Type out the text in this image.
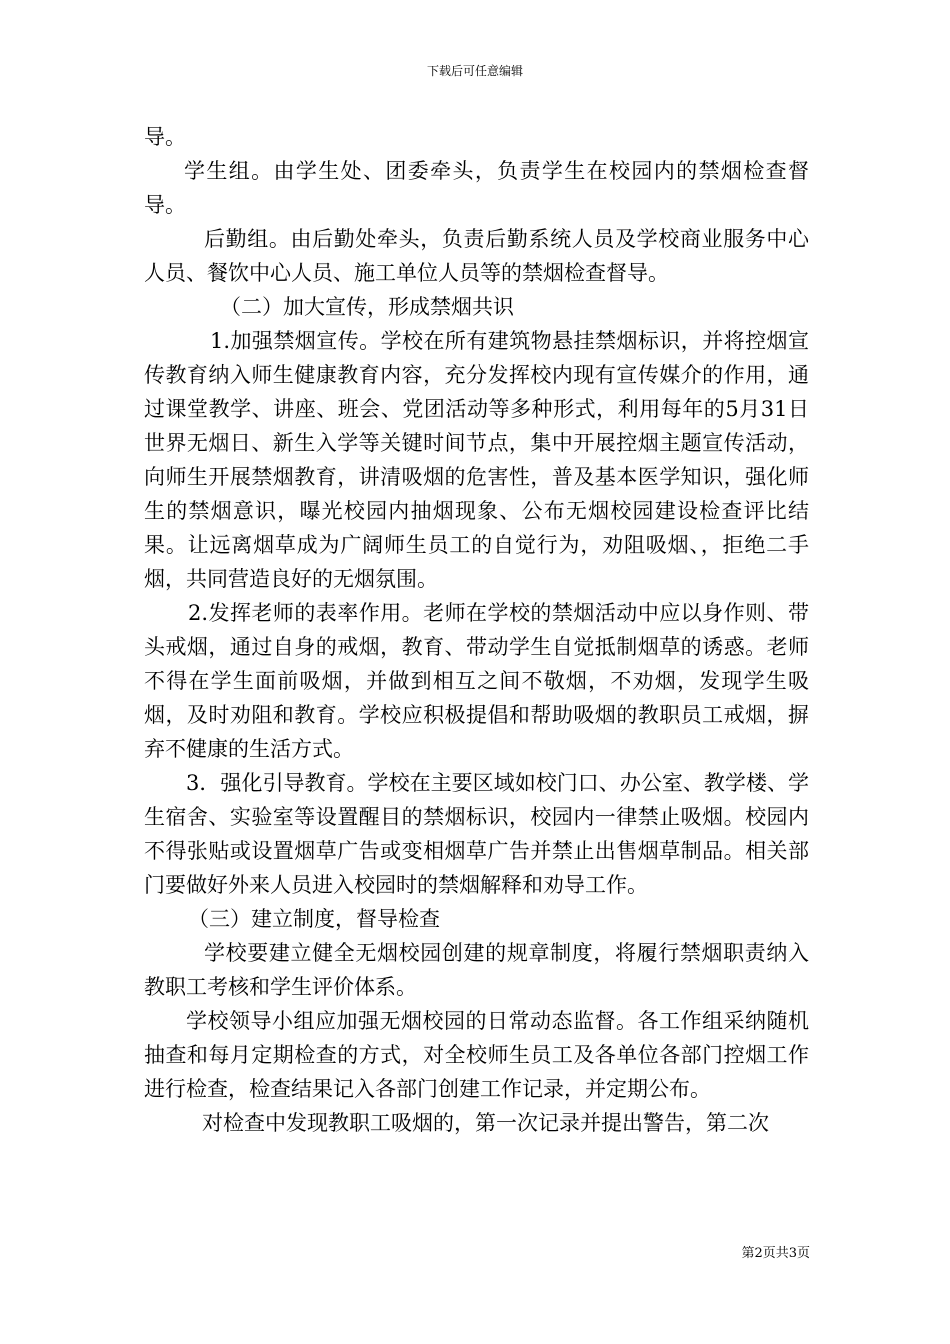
下载后可任意编辑

导。

学生组。由学生处、团委牵头，负责学生在校园内的禁烟检查督导。

后勤组。由后勤处牵头，负责后勤系统人员及学校商业服务中心人员、餐饮中心人员、施工单位人员等的禁烟检查督导。

（二）加大宣传，形成禁烟共识

1.加强禁烟宣传。学校在所有建筑物悬挂禁烟标识，并将控烟宣传教育纳入师生健康教育内容，充分发挥校内现有宣传媒介的作用，通过课堂教学、讲座、班会、党团活动等多种形式，利用每年的5月31日世界无烟日、新生入学等关键时间节点，集中开展控烟主题宣传活动，向师生开展禁烟教育，讲清吸烟的危害性，普及基本医学知识，强化师生的禁烟意识，曝光校园内抽烟现象、公布无烟校园建设检查评比结果。让远离烟草成为广阔师生员工的自觉行为，劝阻吸烟、，拒绝二手烟，共同营造良好的无烟氛围。

2.发挥老师的表率作用。老师在学校的禁烟活动中应以身作则、带头戒烟，通过自身的戒烟，教育、带动学生自觉抵制烟草的诱惑。老师不得在学生面前吸烟，并做到相互之间不敬烟，不劝烟，发现学生吸烟，及时劝阻和教育。学校应积极提倡和帮助吸烟的教职员工戒烟，摒弃不健康的生活方式。

3．强化引导教育。学校在主要区域如校门口、办公室、教学楼、学生宿舍、实验室等设置醒目的禁烟标识，校园内一律禁止吸烟。校园内不得张贴或设置烟草广告或变相烟草广告并禁止出售烟草制品。相关部门要做好外来人员进入校园时的禁烟解释和劝导工作。

（三）建立制度，督导检查

学校要建立健全无烟校园创建的规章制度，将履行禁烟职责纳入教职工考核和学生评价体系。

学校领导小组应加强无烟校园的日常动态监督。各工作组采纳随机抽查和每月定期检查的方式，对全校师生员工及各单位各部门控烟工作进行检查，检查结果记入各部门创建工作记录，并定期公布。

对检查中发现教职工吸烟的，第一次记录并提出警告，第二次

第2页共3页
